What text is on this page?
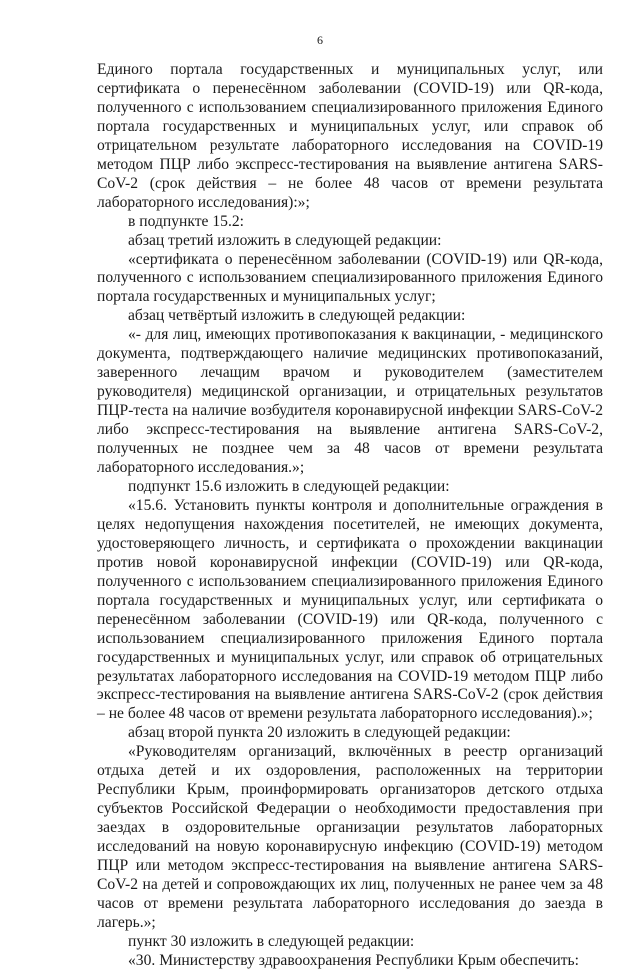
6

Единого портала государственных и муниципальных услуг, или сертификата о перенесённом заболевании (COVID-19) или QR-кода, полученного с использованием специализированного приложения Единого портала государственных и муниципальных услуг, или справок об отрицательном результате лабораторного исследования на COVID-19 методом ПЦР либо экспресс-тестирования на выявление антигена SARS-CoV-2 (срок действия – не более 48 часов от времени результата лабораторного исследования):»;

в подпункте 15.2:

абзац третий изложить в следующей редакции:

«сертификата о перенесённом заболевании (COVID-19) или QR-кода, полученного с использованием специализированного приложения Единого портала государственных и муниципальных услуг;

абзац четвёртый изложить в следующей редакции:

«- для лиц, имеющих противопоказания к вакцинации, - медицинского документа, подтверждающего наличие медицинских противопоказаний, заверенного лечащим врачом и руководителем (заместителем руководителя) медицинской организации, и отрицательных результатов ПЦР-теста на наличие возбудителя коронавирусной инфекции SARS-CoV-2 либо экспресс-тестирования на выявление антигена SARS-CoV-2, полученных не позднее чем за 48 часов от времени результата лабораторного исследования.»;

подпункт 15.6 изложить в следующей редакции:

«15.6. Установить пункты контроля и дополнительные ограждения в целях недопущения нахождения посетителей, не имеющих документа, удостоверяющего личность, и сертификата о прохождении вакцинации против новой коронавирусной инфекции (COVID-19) или QR-кода, полученного с использованием специализированного приложения Единого портала государственных и муниципальных услуг, или сертификата о перенесённом заболевании (COVID-19) или QR-кода, полученного с использованием специализированного приложения Единого портала государственных и муниципальных услуг, или справок об отрицательных результатах лабораторного исследования на COVID-19 методом ПЦР либо экспресс-тестирования на выявление антигена SARS-CoV-2 (срок действия – не более 48 часов от времени результата лабораторного исследования).»;

абзац второй пункта 20 изложить в следующей редакции:

«Руководителям организаций, включённых в реестр организаций отдыха детей и их оздоровления, расположенных на территории Республики Крым, проинформировать организаторов детского отдыха субъектов Российской Федерации о необходимости предоставления при заездах в оздоровительные организации результатов лабораторных исследований на новую коронавирусную инфекцию (COVID-19) методом ПЦР или методом экспресс-тестирования на выявление антигена SARS-CoV-2 на детей и сопровождающих их лиц, полученных не ранее чем за 48 часов от времени результата лабораторного исследования до заезда в лагерь.»;

пункт 30 изложить в следующей редакции:

«30. Министерству здравоохранения Республики Крым обеспечить:
